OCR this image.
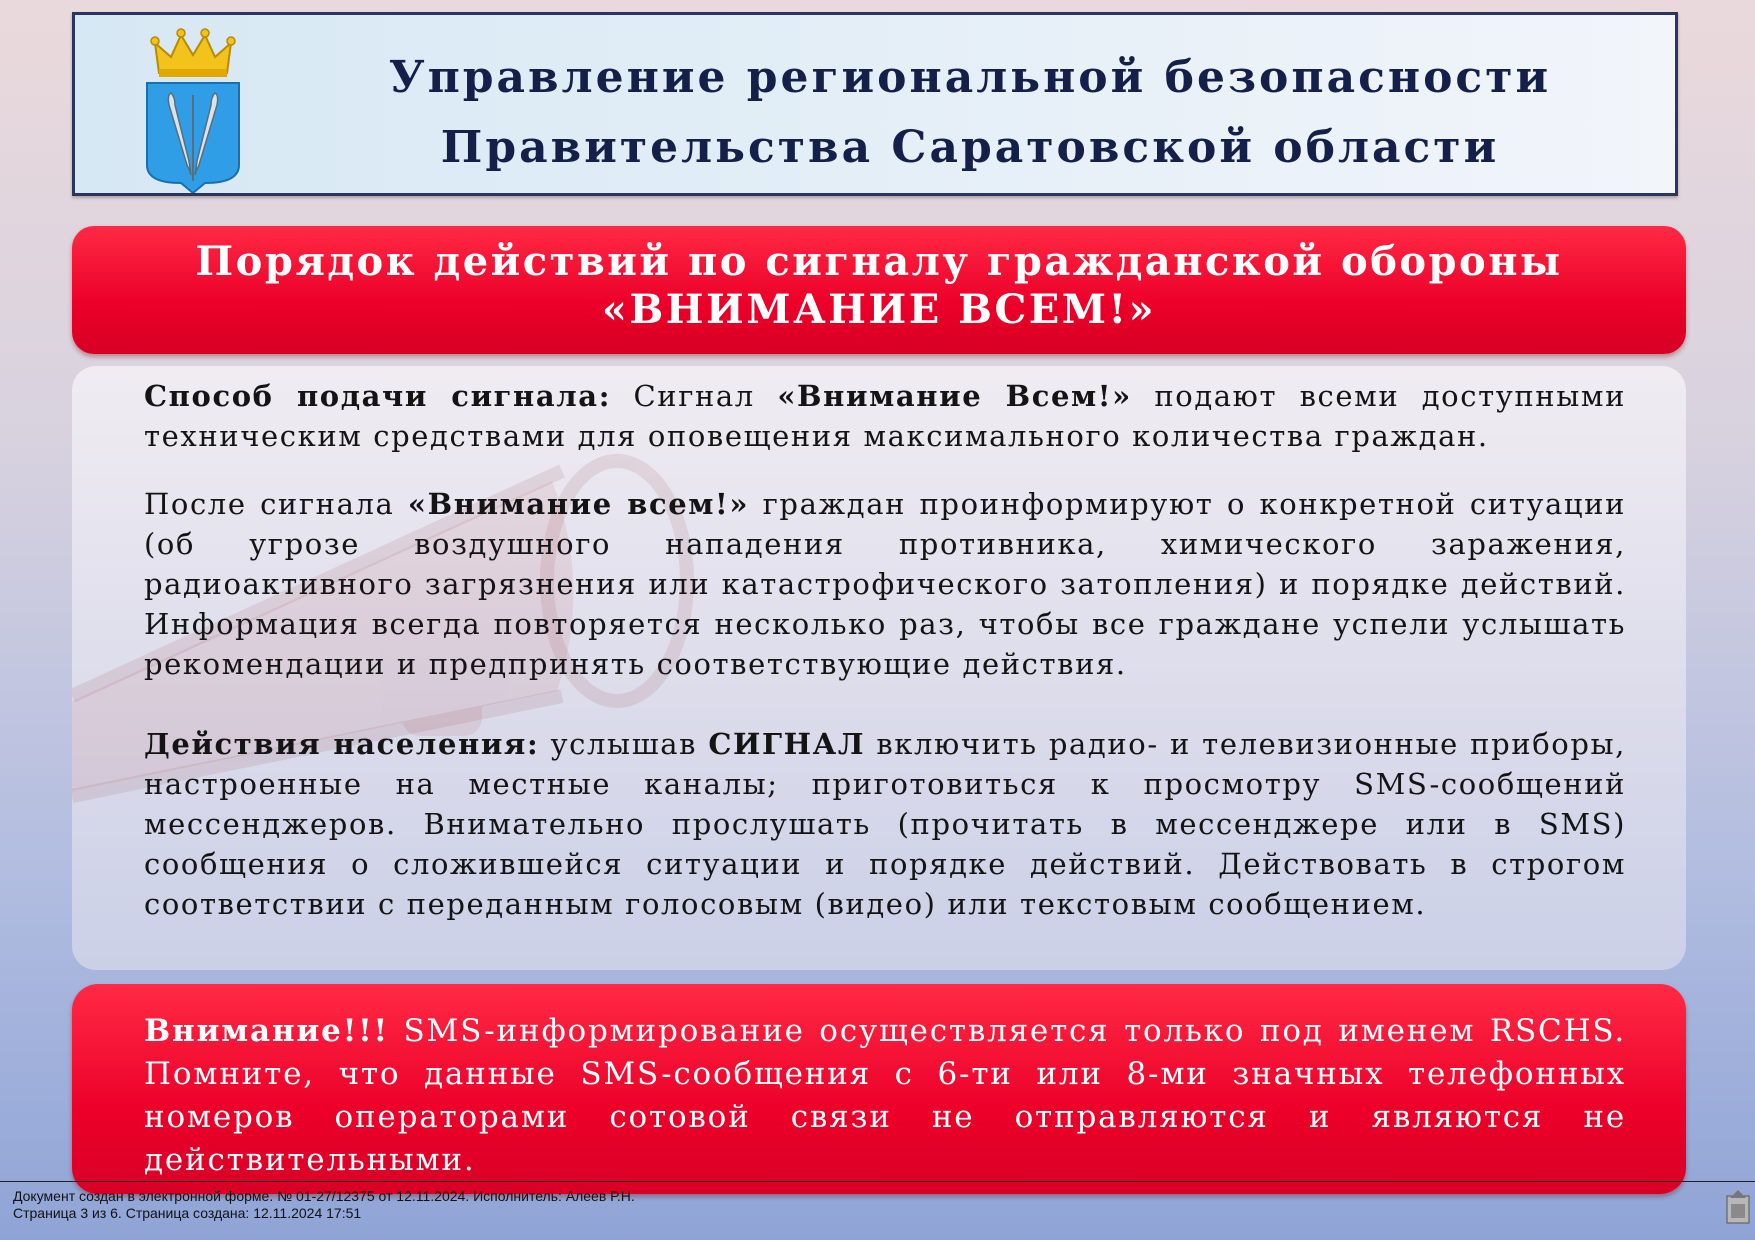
Управление региональной безопасности
Правительства Саратовской области
Порядок действий по сигналу гражданской обороны
«ВНИМАНИЕ ВСЕМ!»
Способ подачи сигнала: Сигнал «Внимание Всем!» подают всеми доступными техническим средствами для оповещения максимального количества граждан.
После сигнала «Внимание всем!» граждан проинформируют о конкретной ситуации (об угрозе воздушного нападения противника, химического заражения, радиоактивного загрязнения или катастрофического затопления) и порядке действий. Информация всегда повторяется несколько раз, чтобы все граждане успели услышать рекомендации и предпринять соответствующие действия.
Действия населения: услышав СИГНАЛ включить радио- и телевизионные приборы, настроенные на местные каналы; приготовиться к просмотру SMS-сообщений мессенджеров. Внимательно прослушать (прочитать в мессенджере или в SMS) сообщения о сложившейся ситуации и порядке действий. Действовать в строгом соответствии с переданным голосовым (видео) или текстовым сообщением.
Внимание!!! SMS-информирование осуществляется только под именем RSCHS. Помните, что данные SMS-сообщения с 6-ти или 8-ми значных телефонных номеров операторами сотовой связи не отправляются и являются не действительными.
Документ создан в электронной форме. № 01-27/12375 от 12.11.2024. Исполнитель: Алеев Р.Н.
Страница 3 из 6. Страница создана: 12.11.2024 17:51
